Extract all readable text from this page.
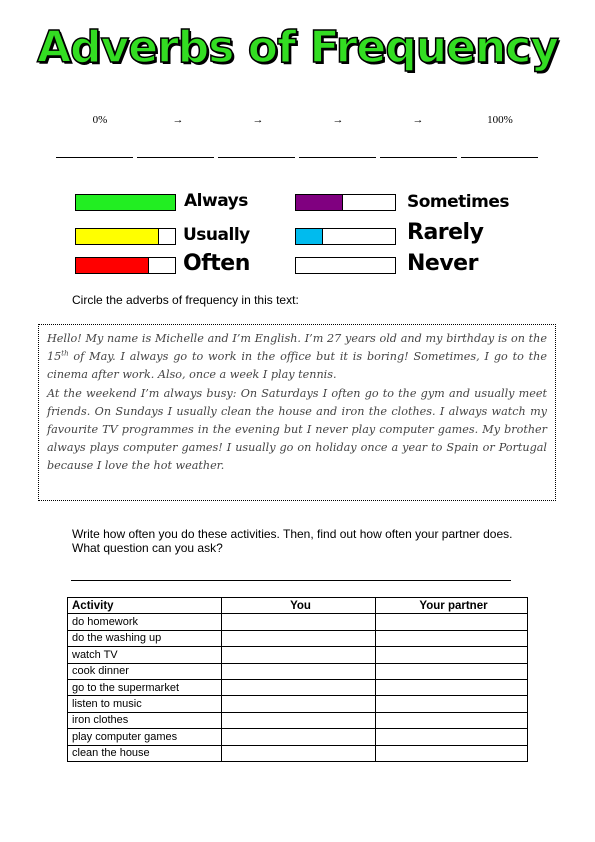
Adverbs of Frequency
0%	→	→	→	→	100%
Always
Usually
Often
Sometimes
Rarely
Never
Circle the adverbs of frequency in this text:

Hello! My name is Michelle and I’m English. I’m 27 years old and my birthday is on the 15th of May. I always go to work in the office but it is boring! Sometimes, I go to the cinema after work. Also, once a week I play tennis.

At the weekend I’m always busy: On Saturdays I often go to the gym and usually meet friends. On Sundays I usually clean the house and iron the clothes. I always watch my favourite TV programmes in the evening but I never play computer games. My brother always plays computer games! I usually go on holiday once a year to Spain or Portugal because I love the hot weather.

Write how often you do these activities. Then, find out how often your partner does.
What question can you ask?
Activity	You	Your partner
do homework		
do the washing up		
watch TV		
cook dinner		
go to the supermarket		
listen to music		
iron clothes		
play computer games		
clean the house		
